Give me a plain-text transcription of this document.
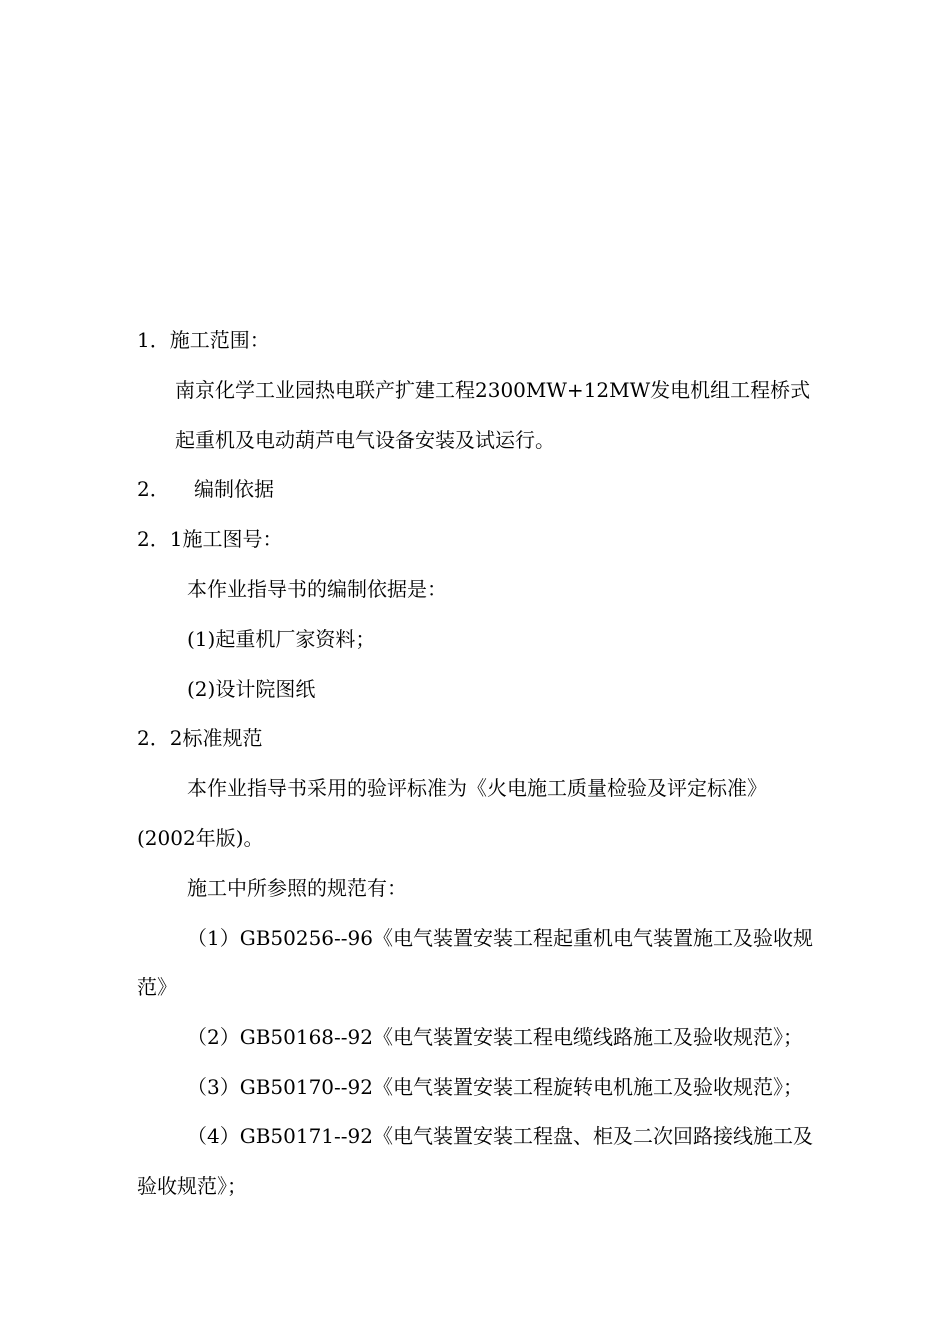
1．施工范围：
南京化学工业园热电联产扩建工程2300MW+12MW发电机组工程桥式
起重机及电动葫芦电气设备安装及试运行。
2． 编制依据
2．1施工图号：
本作业指导书的编制依据是：
(1)起重机厂家资料；
(2)设计院图纸
2．2标准规范
本作业指导书采用的验评标准为《火电施工质量检验及评定标准》
(2002年版)。
施工中所参照的规范有：
（1）GB50256--96《电气装置安装工程起重机电气装置施工及验收规
范》
（2）GB50168--92《电气装置安装工程电缆线路施工及验收规范》；
（3）GB50170--92《电气装置安装工程旋转电机施工及验收规范》；
（4）GB50171--92《电气装置安装工程盘、柜及二次回路接线施工及
验收规范》；
